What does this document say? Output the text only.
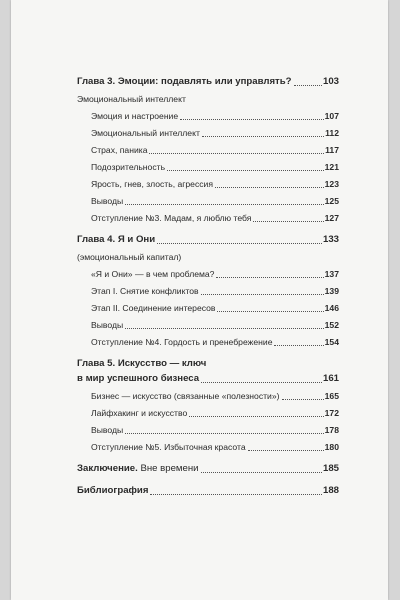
Глава 3. Эмоции: подавлять или управлять?	103
Эмоциональный интеллект
Эмоция и настроение	107
Эмоциональный интеллект	112
Страх, паника	117
Подозрительность	121
Ярость, гнев, злость, агрессия	123
Выводы	125
Отступление №3. Мадам, я люблю тебя	127
Глава 4. Я и Они	133
(эмоциональный капитал)
«Я и Они» — в чем проблема?	137
Этап I. Снятие конфликтов	139
Этап II. Соединение интересов	146
Выводы	152
Отступление №4. Гордость и пренебрежение	154
Глава 5. Искусство — ключ
в мир успешного бизнеса	161
Бизнес — искусство (связанные «полезности»)	165
Лайфхакинг и искусство	172
Выводы	178
Отступление №5. Избыточная красота	180
Заключение. Вне времени	185
Библиография	188
